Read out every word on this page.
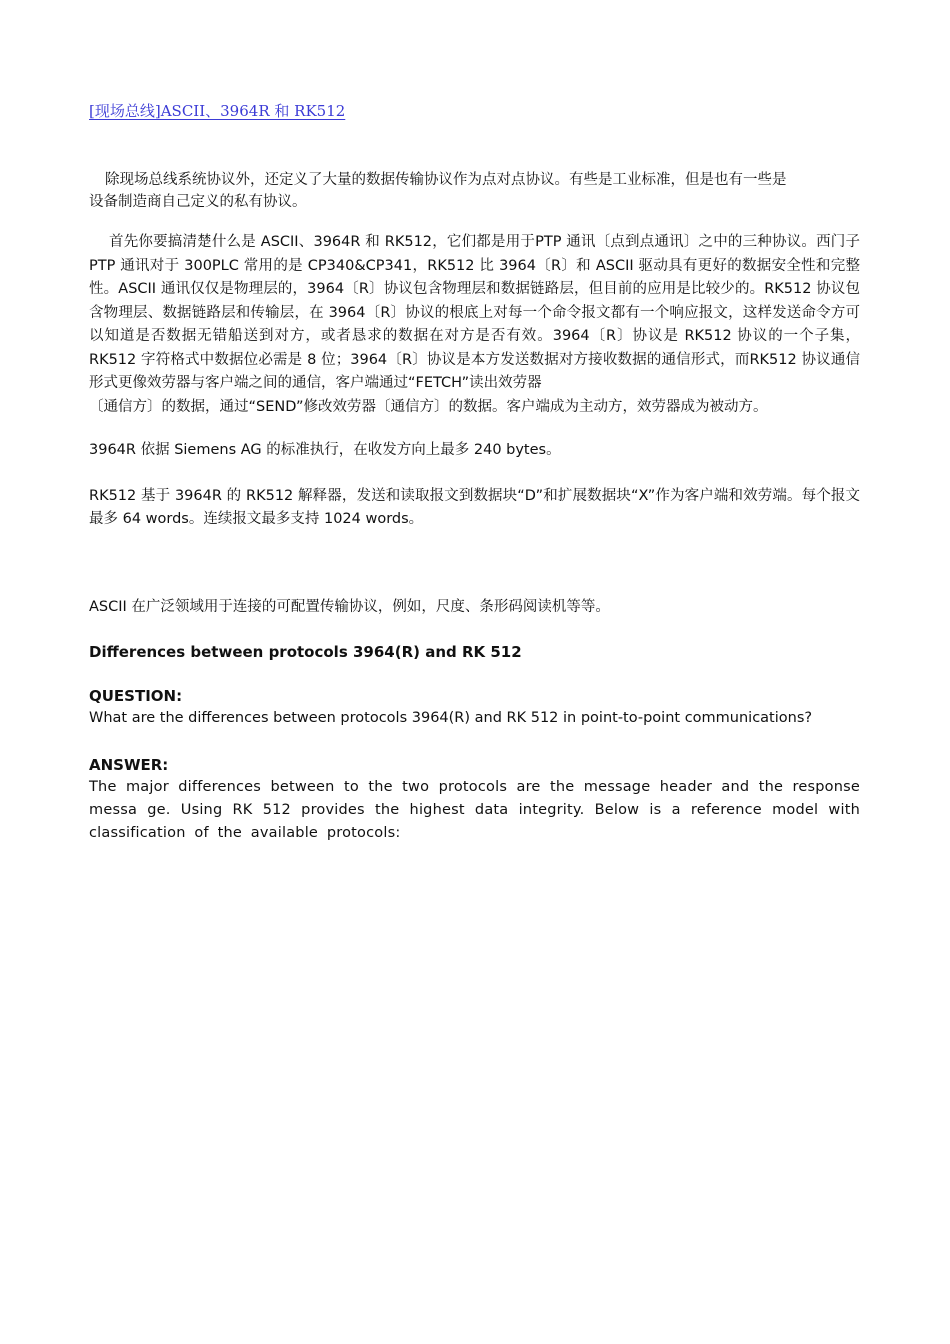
[现场总线]ASCII、3964R 和 RK512

除现场总线系统协议外，还定义了大量的数据传输协议作为点对点协议。有些是工业标准，但是也有一些是
设备制造商自己定义的私有协议。

首先你要搞清楚什么是 ASCII、3964R 和 RK512，它们都是用于PTP 通讯〔点到点通讯〕之中的三种协议。西门子 PTP 通讯对于 300PLC 常用的是 CP340&CP341，RK512 比 3964〔R〕和 ASCII 驱动具有更好的数据安全性和完整性。ASCII 通讯仅仅是物理层的，3964〔R〕协议包含物理层和数据链路层，但目前的应用是比较少的。RK512 协议包含物理层、数据链路层和传输层，在 3964〔R〕协议的根底上对每一个命令报文都有一个响应报文，这样发送命令方可以知道是否数据无错船送到对方，或者恳求的数据在对方是否有效。3964〔R〕协议是 RK512 协议的一个子集，RK512 字符格式中数据位必需是 8 位；3964〔R〕协议是本方发送数据对方接收数据的通信形式，而RK512 协议通信形式更像效劳器与客户端之间的通信，客户端通过“FETCH”读出效劳器

〔通信方〕的数据，通过“SEND”修改效劳器〔通信方〕的数据。客户端成为主动方，效劳器成为被动方。

3964R 依据 Siemens AG 的标准执行，在收发方向上最多 240 bytes。

RK512 基于 3964R 的 RK512 解释器，发送和读取报文到数据块“D”和扩展数据块“X”作为客户端和效劳端。每个报文最多 64 words。连续报文最多支持 1024 words。

ASCII 在广泛领域用于连接的可配置传输协议，例如，尺度、条形码阅读机等等。

Differences between protocols 3964(R) and RK 512

QUESTION:

What are the differences between protocols 3964(R) and RK 512 in point-to-point communications?

ANSWER:

The major differences between to the two protocols are the message header and the response messa ge. Using RK 512 provides the highest data integrity. Below is a reference model with classification of the available protocols:
